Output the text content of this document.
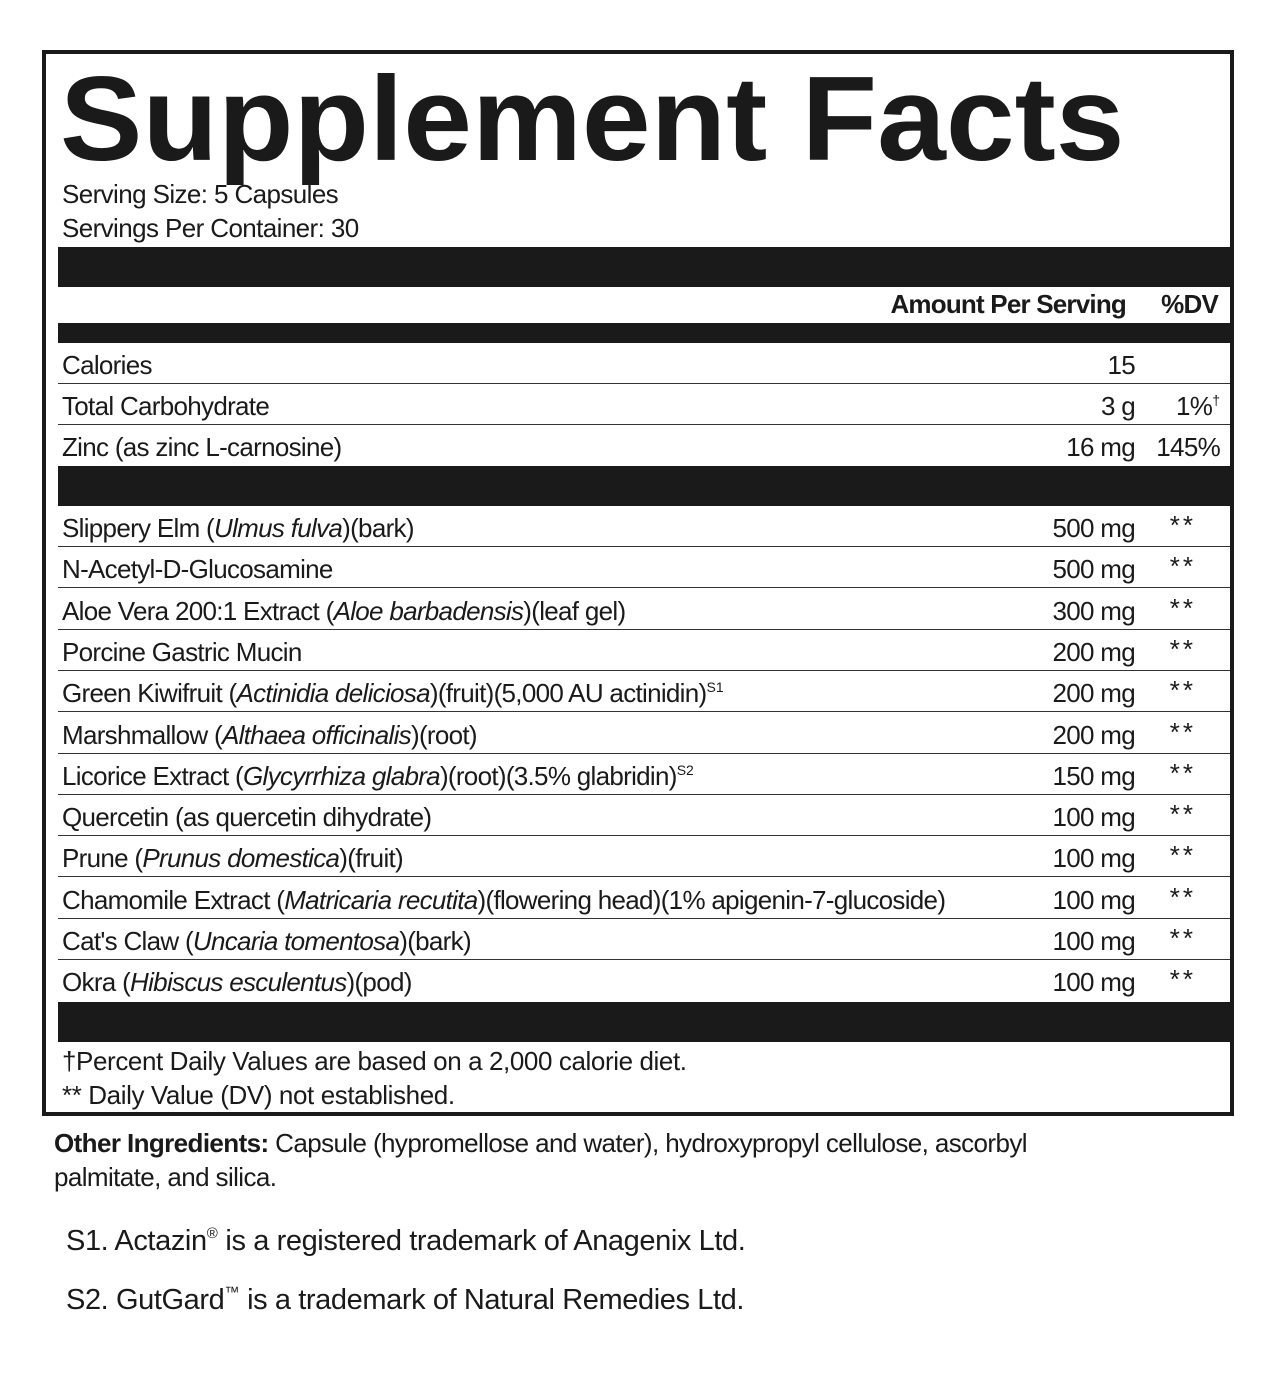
Supplement Facts
Serving Size: 5 Capsules
Servings Per Container: 30
Amount Per Serving %DV
Calories	15
Total Carbohydrate	3 g 1%†
Zinc (as zinc L-carnosine)	16 mg 145%
Slippery Elm (Ulmus fulva)(bark)	500 mg **
N-Acetyl-D-Glucosamine	500 mg **
Aloe Vera 200:1 Extract (Aloe barbadensis)(leaf gel)	300 mg **
Porcine Gastric Mucin	200 mg **
Green Kiwifruit (Actinidia deliciosa)(fruit)(5,000 AU actinidin)$^{S1}$	200 mg **
Marshmallow (Althaea officinalis)(root)	200 mg **
Licorice Extract (Glycyrrhiza glabra)(root)(3.5% glabridin)$^{S2}$	150 mg **
Quercetin (as quercetin dihydrate)	100 mg **
Prune (Prunus domestica)(fruit)	100 mg **
Chamomile Extract (Matricaria recutita)(flowering head)(1% apigenin-7-glucoside)	100 mg **
Cat's Claw (Uncaria tomentosa)(bark)	100 mg **
Okra (Hibiscus esculentus)(pod)	100 mg **
†Percent Daily Values are based on a 2,000 calorie diet.
** Daily Value (DV) not established.
Other Ingredients: Capsule (hypromellose and water), hydroxypropyl cellulose, ascorbyl palmitate, and silica.
S1. Actazin® is a registered trademark of Anagenix Ltd.
S2. GutGard™ is a trademark of Natural Remedies Ltd.
